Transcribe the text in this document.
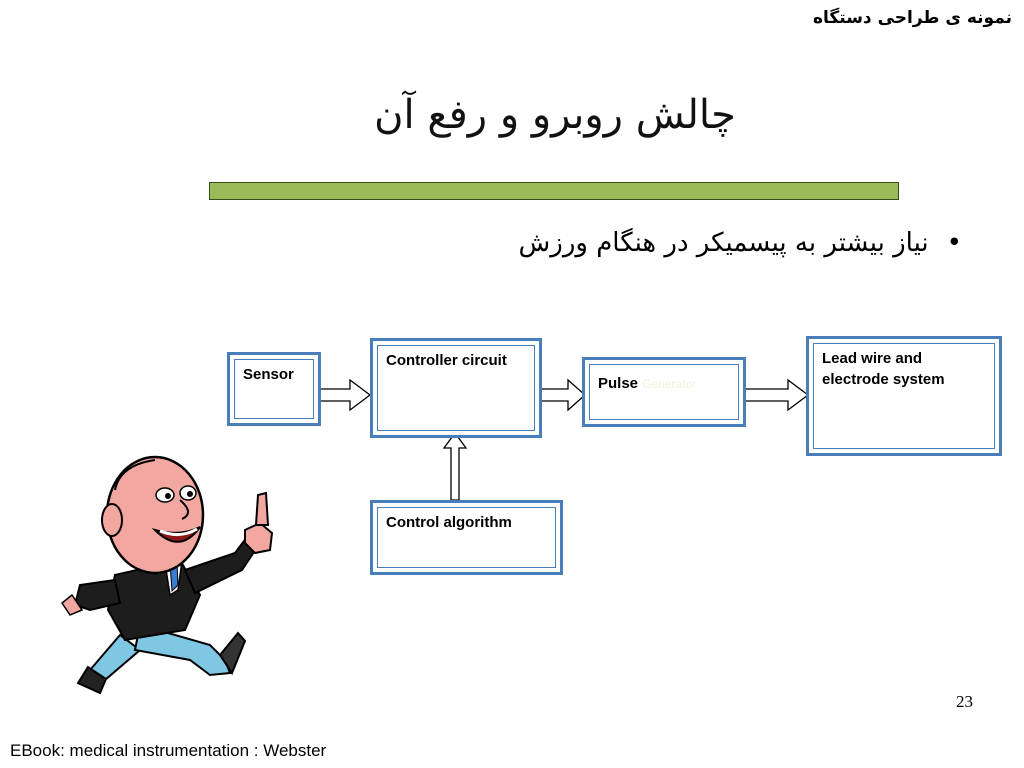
نمونه ی طراحی دستگاه
چالش روبرو و رفع آن
•
نیاز بیشتر به پیسمیکر در هنگام ورزش
Sensor
Controller circuit
Pulse Generator
Lead wire and
electrode system
Control algorithm
23
EBook: medical instrumentation : Webster
